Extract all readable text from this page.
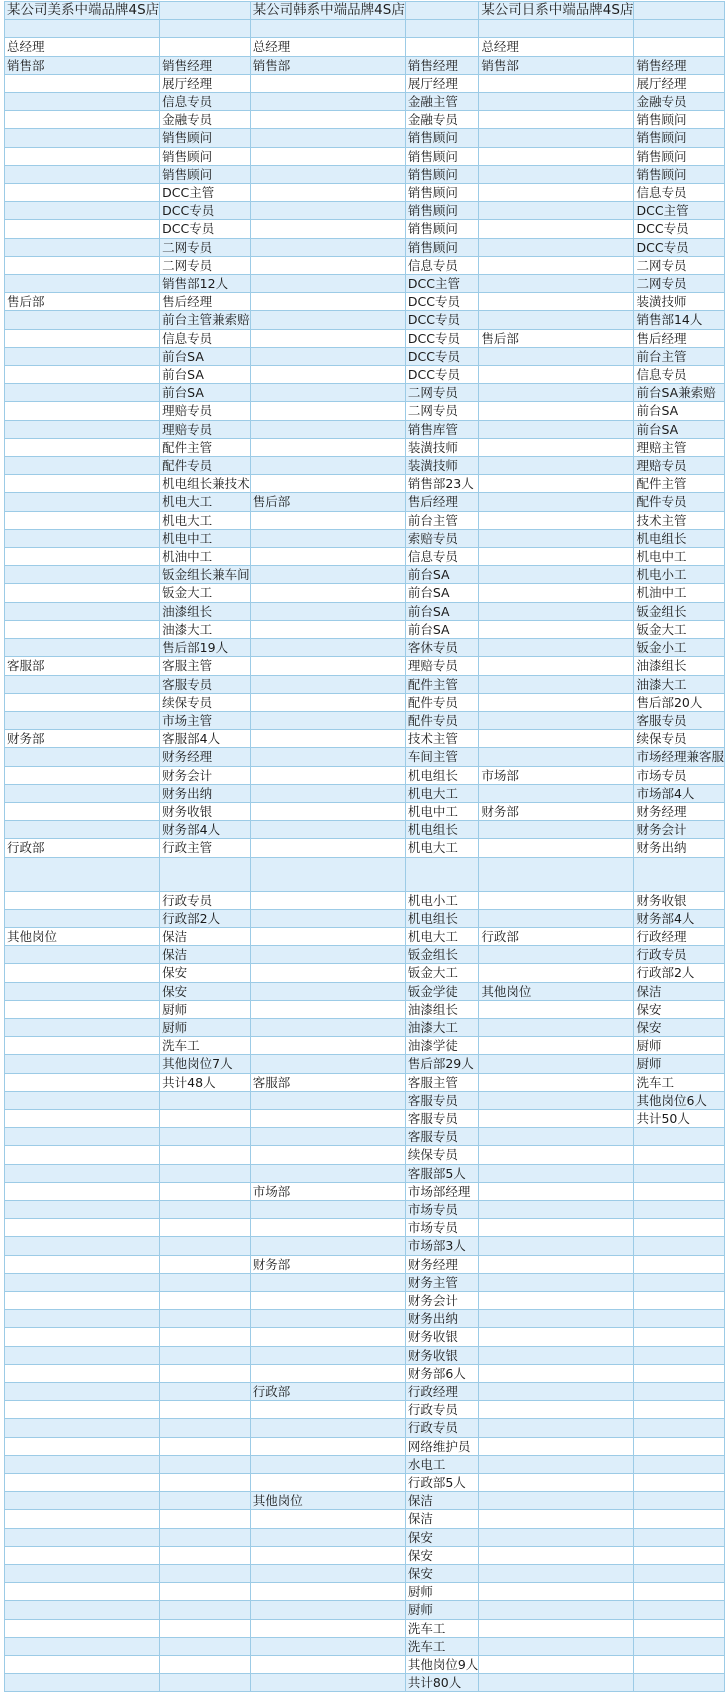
某公司美系中端品牌4S店		某公司韩系中端品牌4S店		某公司日系中端品牌4S店	

总经理		总经理		总经理	
销售部	销售经理	销售部	销售经理	销售部	销售经理
	展厅经理		展厅经理		展厅经理
	信息专员		金融主管		金融专员
	金融专员		金融专员		销售顾问
	销售顾问		销售顾问		销售顾问
	销售顾问		销售顾问		销售顾问
	销售顾问		销售顾问		销售顾问
	DCC主管		销售顾问		信息专员
	DCC专员		销售顾问		DCC主管
	DCC专员		销售顾问		DCC专员
	二网专员		销售顾问		DCC专员
	二网专员		信息专员		二网专员
	销售部12人		DCC主管		二网专员
售后部	售后经理		DCC专员		装潢技师
	前台主管兼索赔		DCC专员		销售部14人
	信息专员		DCC专员	售后部	售后经理
	前台SA		DCC专员		前台主管
	前台SA		DCC专员		信息专员
	前台SA		二网专员		前台SA兼索赔
	理赔专员		二网专员		前台SA
	理赔专员		销售库管		前台SA
	配件主管		装潢技师		理赔主管
	配件专员		装潢技师		理赔专员
	机电组长兼技术		销售部23人		配件主管
	机电大工	售后部	售后经理		配件专员
	机电大工		前台主管		技术主管
	机电中工		索赔专员		机电组长
	机油中工		信息专员		机电中工
	钣金组长兼车间		前台SA		机电小工
	钣金大工		前台SA		机油中工
	油漆组长		前台SA		钣金组长
	油漆大工		前台SA		钣金大工
	售后部19人		客休专员		钣金小工
客服部	客服主管		理赔专员		油漆组长
	客服专员		配件主管		油漆大工
	续保专员		配件专员		售后部20人
	市场主管		配件专员		客服专员
财务部	客服部4人		技术主管		续保专员
	财务经理		车间主管		市场经理兼客服
	财务会计		机电组长	市场部	市场专员
	财务出纳		机电大工		市场部4人
	财务收银		机电中工	财务部	财务经理
	财务部4人		机电组长		财务会计
行政部	行政主管		机电大工		财务出纳

	行政专员		机电小工		财务收银
	行政部2人		机电组长		财务部4人
其他岗位	保洁		机电大工	行政部	行政经理
	保洁		钣金组长		行政专员
	保安		钣金大工		行政部2人
	保安		钣金学徒	其他岗位	保洁
	厨师		油漆组长		保安
	厨师		油漆大工		保安
	洗车工		油漆学徒		厨师
	其他岗位7人		售后部29人		厨师
	共计48人	客服部	客服主管		洗车工
			客服专员		其他岗位6人
			客服专员		共计50人
			客服专员		
			续保专员		
			客服部5人		
		市场部	市场部经理		
			市场专员		
			市场专员		
			市场部3人		
		财务部	财务经理		
			财务主管		
			财务会计		
			财务出纳		
			财务收银		
			财务收银		
			财务部6人		
		行政部	行政经理		
			行政专员		
			行政专员		
			网络维护员		
			水电工		
			行政部5人		
		其他岗位	保洁		
			保洁		
			保安		
			保安		
			保安		
			厨师		
			厨师		
			洗车工		
			洗车工		
			其他岗位9人		
			共计80人		
